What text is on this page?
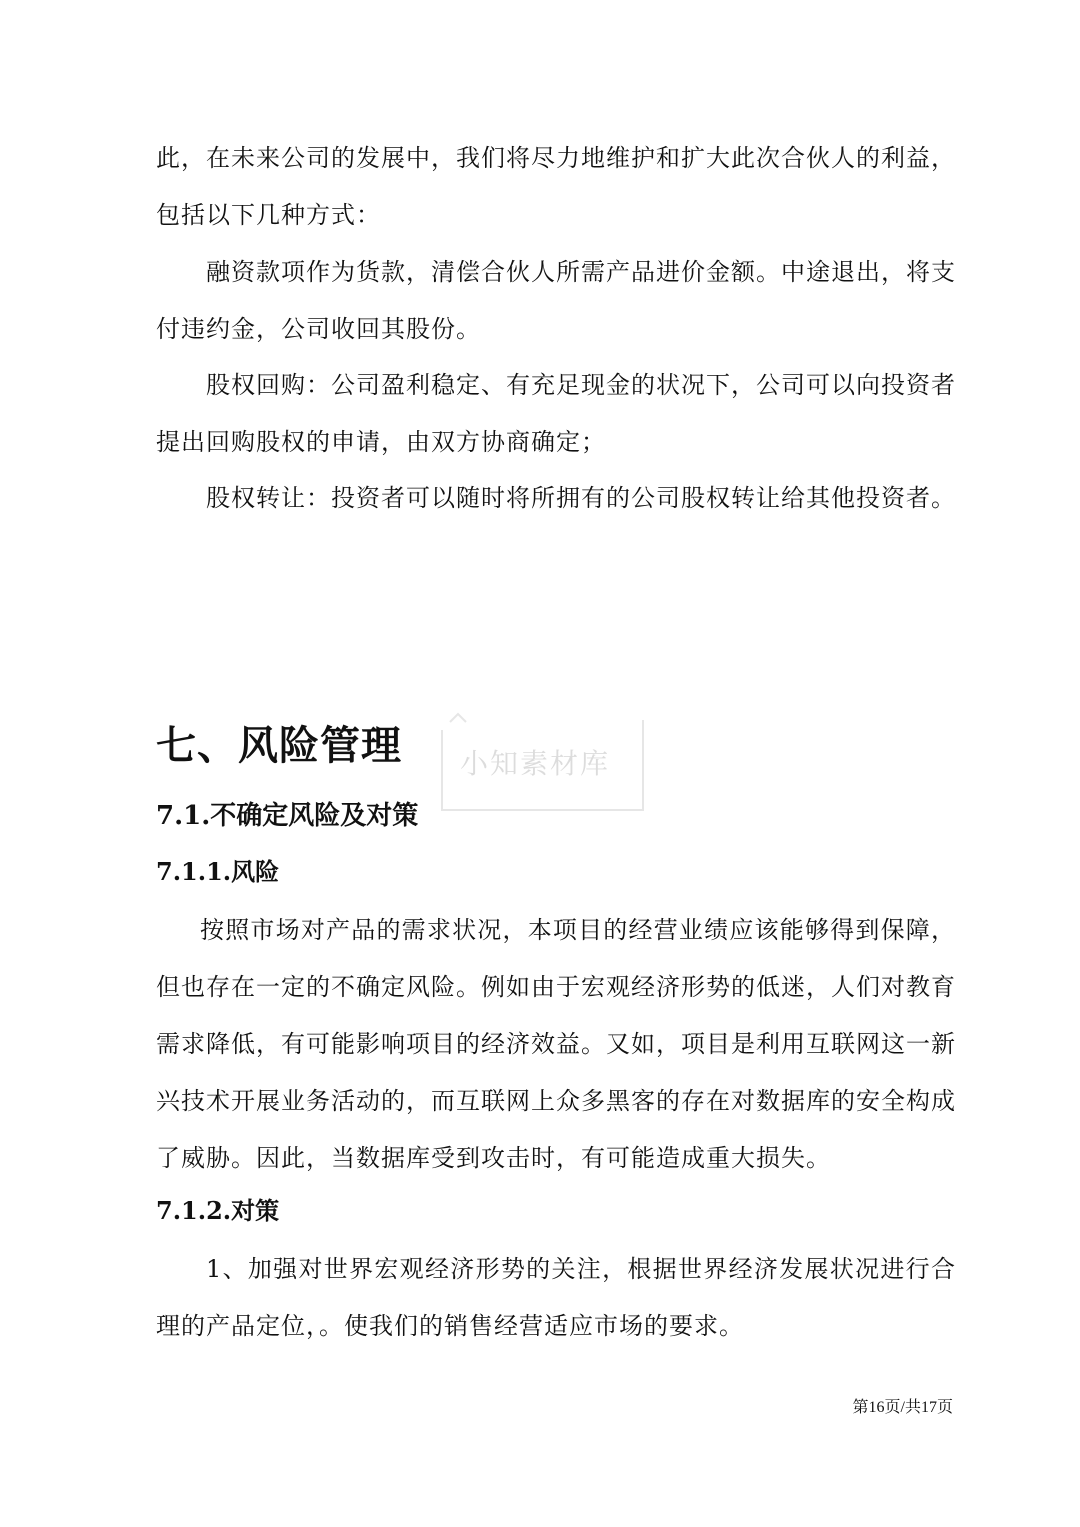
此，在未来公司的发展中，我们将尽力地维护和扩大此次合伙人的利益，包括以下几种方式：

融资款项作为货款，清偿合伙人所需产品进价金额。中途退出，将支付违约金，公司收回其股份。

股权回购：公司盈利稳定、有充足现金的状况下，公司可以向投资者提出回购股权的申请，由双方协商确定；

股权转让：投资者可以随时将所拥有的公司股权转让给其他投资者。

七、风险管理 小知素材库
7.1.不确定风险及对策
7.1.1.风险

按照市场对产品的需求状况，本项目的经营业绩应该能够得到保障，但也存在一定的不确定风险。例如由于宏观经济形势的低迷，人们对教育需求降低，有可能影响项目的经济效益。又如，项目是利用互联网这一新兴技术开展业务活动的，而互联网上众多黑客的存在对数据库的安全构成了威胁。因此，当数据库受到攻击时，有可能造成重大损失。

7.1.2.对策

1、加强对世界宏观经济形势的关注，根据世界经济发展状况进行合理的产品定位，。使我们的销售经营适应市场的要求。

第16页/共17页
